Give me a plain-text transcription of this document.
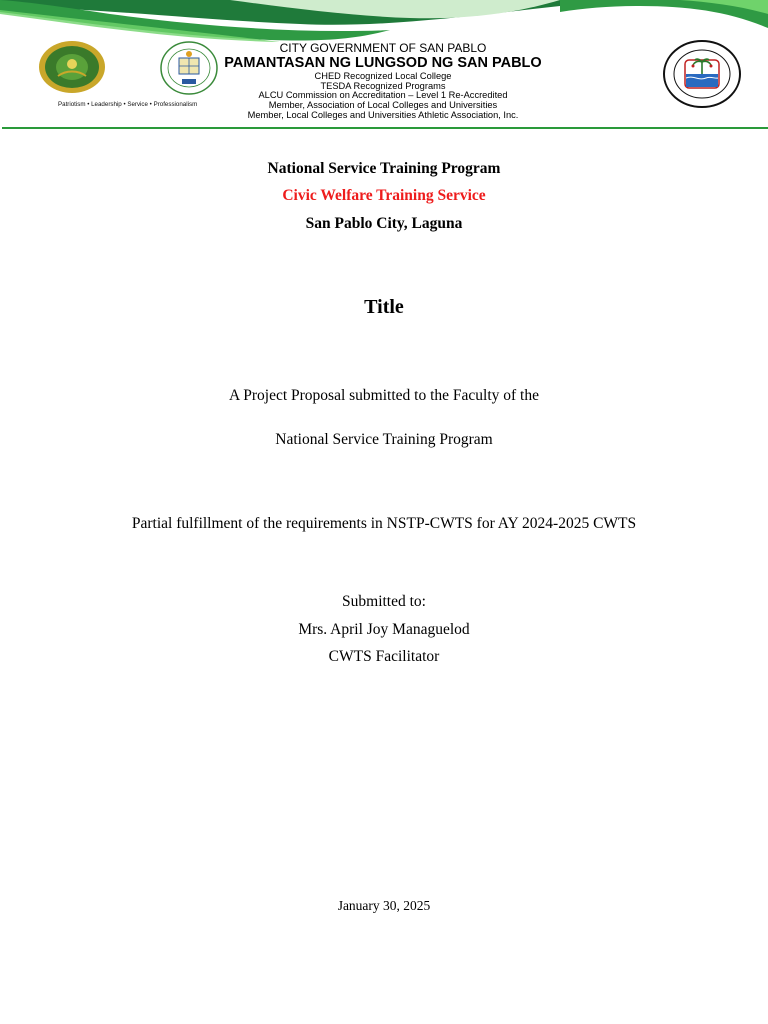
Patriotism • Leadership • Service • Professionalism
CITY GOVERNMENT OF SAN PABLO
PAMANTASAN NG LUNGSOD NG SAN PABLO
CHED Recognized Local College
TESDA Recognized Programs
ALCU Commission on Accreditation – Level 1 Re-Accredited
Member, Association of Local Colleges and Universities
Member, Local Colleges and Universities Athletic Association, Inc.
National Service Training Program
Civic Welfare Training Service
San Pablo City, Laguna
Title
A Project Proposal submitted to the Faculty of the
National Service Training Program
Partial fulfillment of the requirements in NSTP-CWTS for AY 2024-2025 CWTS
Submitted to:
Mrs. April Joy Managuelod
CWTS Facilitator
January 30, 2025
